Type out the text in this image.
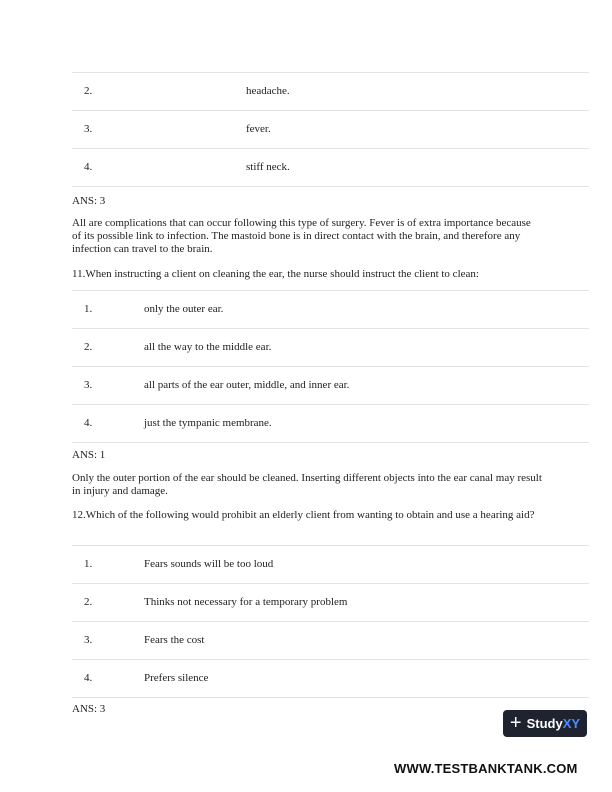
2.	headache.
3.	fever.
4.	stiff neck.
ANS: 3
All are complications that can occur following this type of surgery. Fever is of extra importance because of its possible link to infection. The mastoid bone is in direct contact with the brain, and therefore any infection can travel to the brain.
11.When instructing a client on cleaning the ear, the nurse should instruct the client to clean:
1.	only the outer ear.
2.	all the way to the middle ear.
3.	all parts of the ear outer, middle, and inner ear.
4.	just the tympanic membrane.
ANS: 1
Only the outer portion of the ear should be cleaned. Inserting different objects into the ear canal may result in injury and damage.
12.Which of the following would prohibit an elderly client from wanting to obtain and use a hearing aid?
1.	Fears sounds will be too loud
2.	Thinks not necessary for a temporary problem
3.	Fears the cost
4.	Prefers silence
ANS: 3
+ StudyXY
WWW.TESTBANKTANK.COM
